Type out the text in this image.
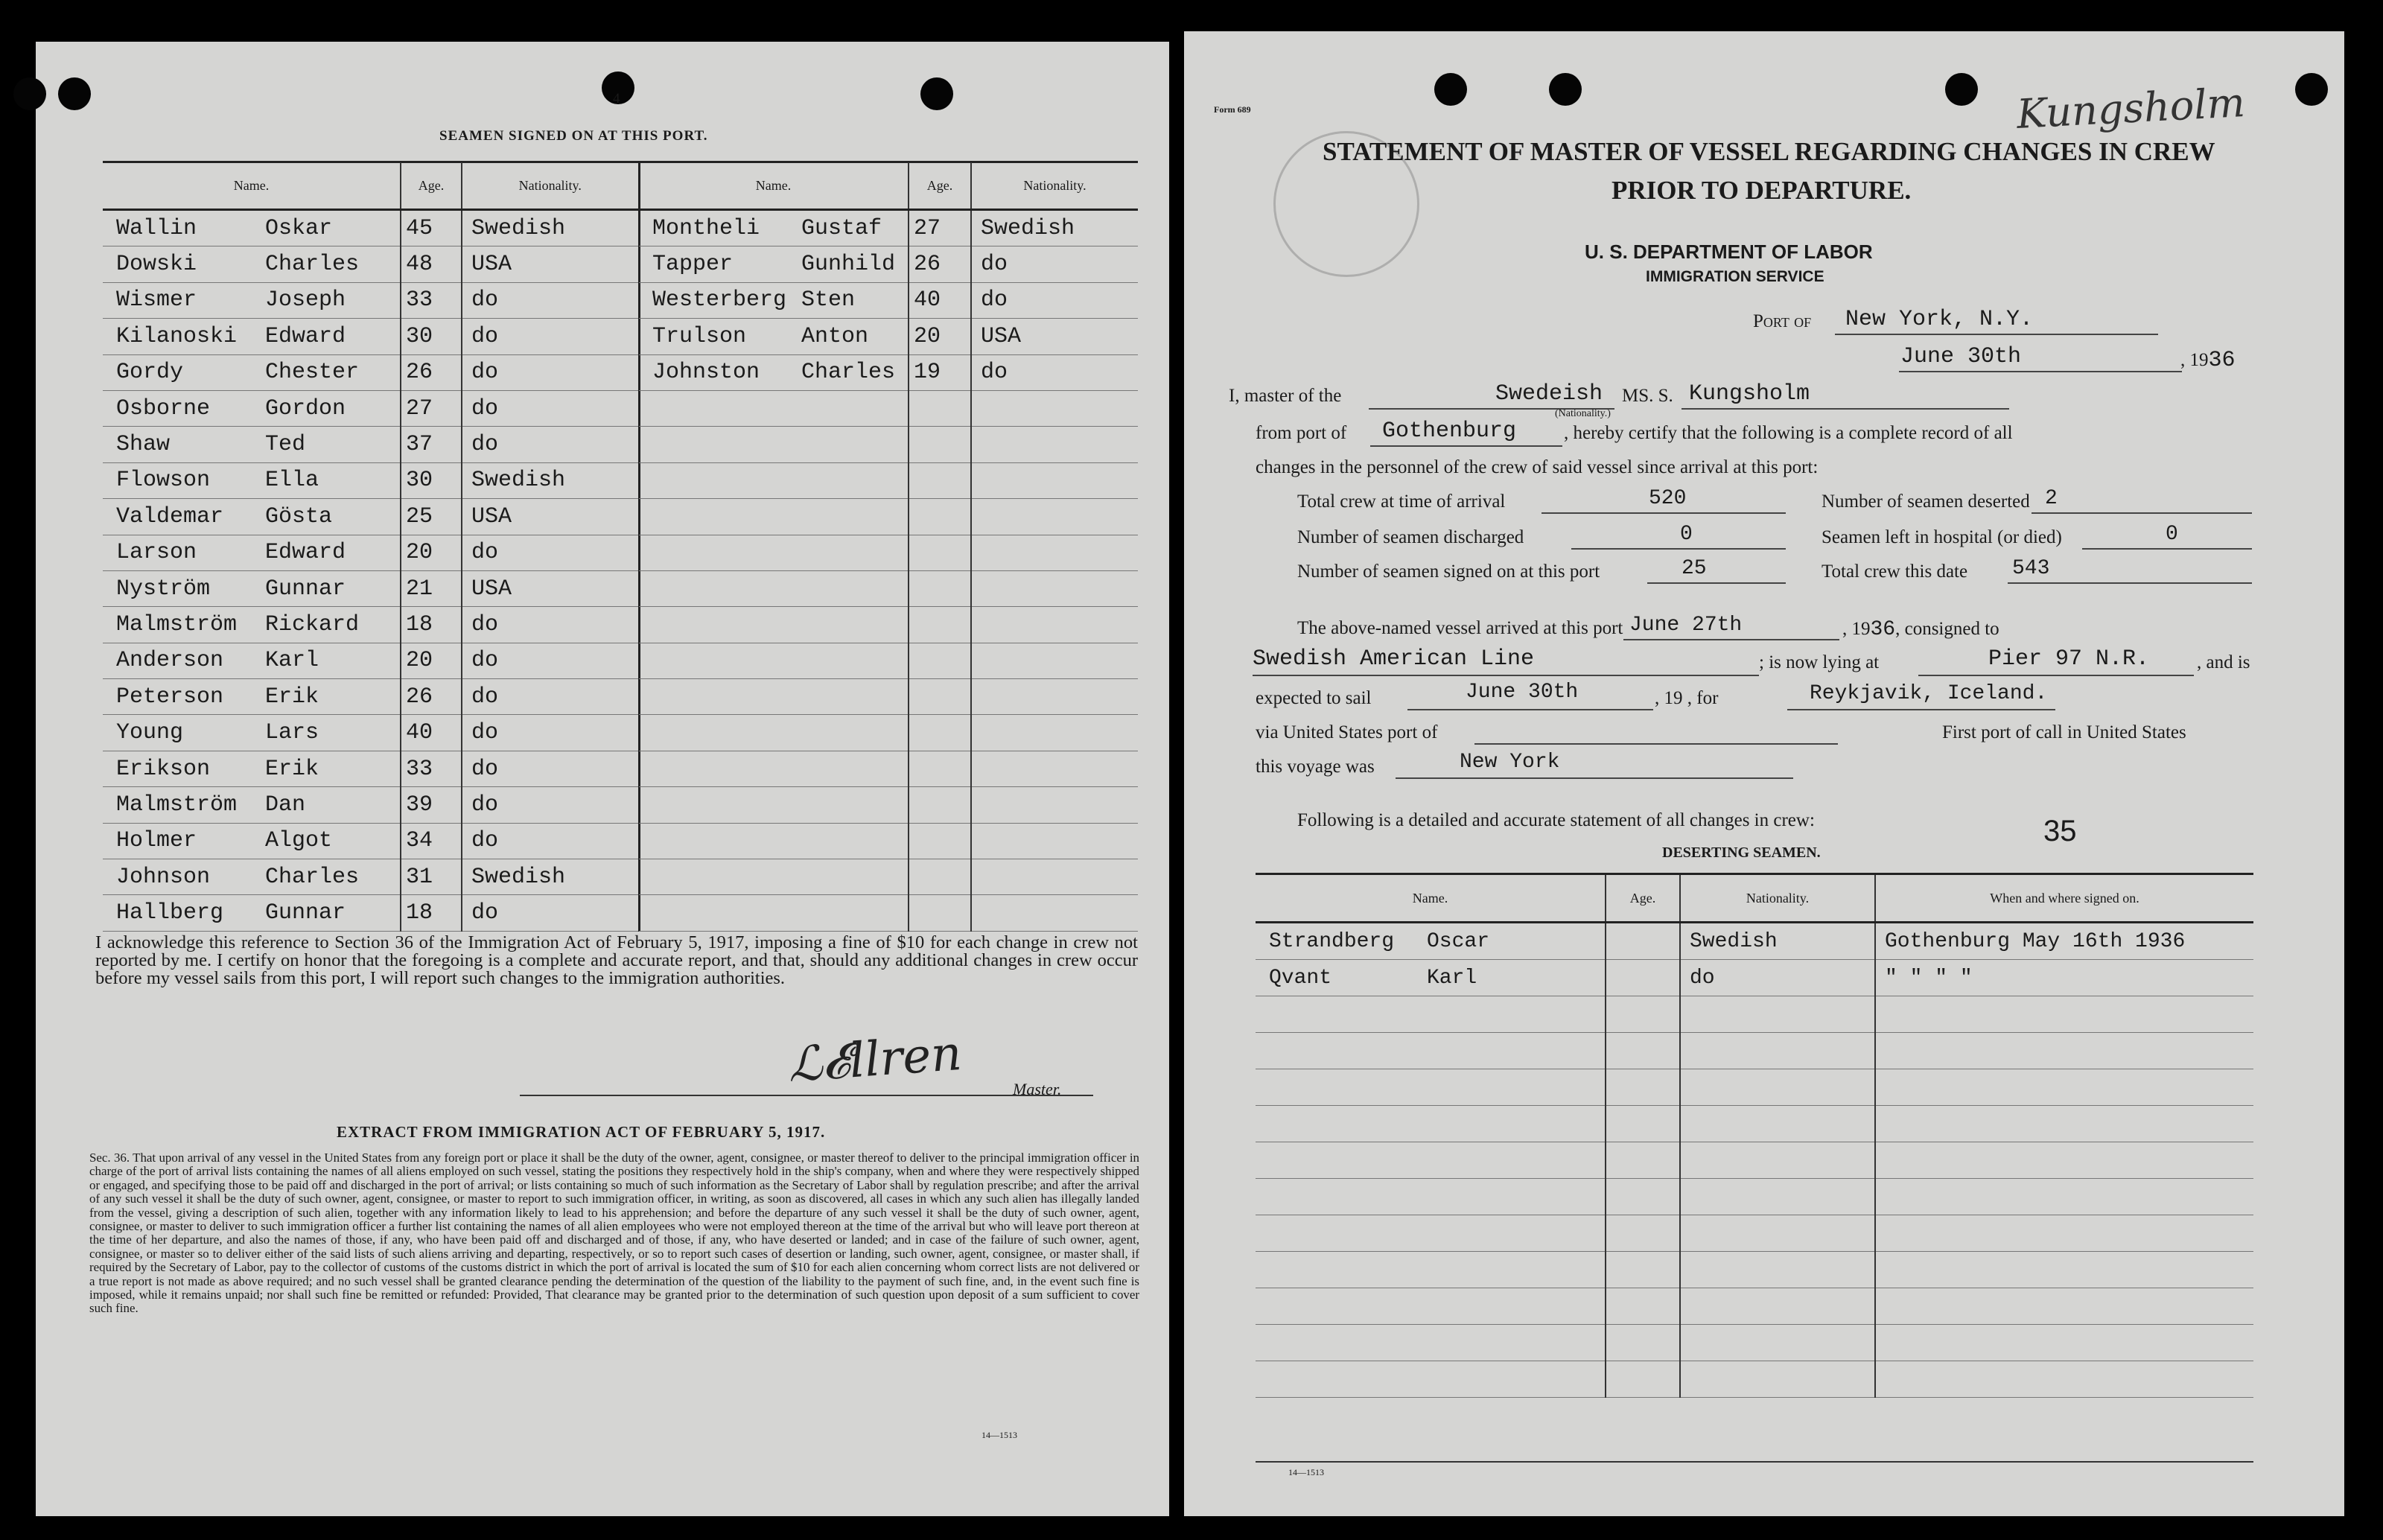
4
SEAMEN SIGNED ON AT THIS PORT.
Name.	Age.	Nationality.
Wallin Oskar	45	Swedish
Dowski Charles	48	USA
Wismer Joseph	33	do
Kilanoski Edward	30	do
Gordy Chester	26	do
Osborne Gordon	27	do
Shaw Ted	37	do
Flowson Ella	30	Swedish
Valdemar Gösta	25	USA
Larson Edward	20	do
Nyström Gunnar	21	USA
Malmström Rickard	18	do
Anderson Karl	20	do
Peterson Erik	26	do
Young Lars	40	do
Erikson Erik	33	do
Malmström Dan	39	do
Holmer Algot	34	do
Johnson Charles	31	Swedish
Hallberg Gunnar	18	do
Name.	Age.	Nationality.
Montheli Gustaf	27	Swedish
Tapper Gunhild	26	do
Westerberg Sten	40	do
Trulson Anton	20	USA
Johnston Charles	19	do

I acknowledge this reference to Section 36 of the Immigration Act of February 5, 1917, imposing a fine of $10 for each change in crew not reported by me. I certify on honor that the foregoing is a complete and accurate report, and that, should any additional changes in crew occur before my vessel sails from this port, I will report such changes to the immigration authorities.
ℒ𝓔llren	Master.
EXTRACT FROM IMMIGRATION ACT OF FEBRUARY 5, 1917.
Sec. 36. That upon arrival of any vessel in the United States from any foreign port or place it shall be the duty of the owner, agent, consignee, or master thereof to deliver to the principal immigration officer in charge of the port of arrival lists containing the names of all aliens employed on such vessel, stating the positions they respectively hold in the ship's company, when and where they were respectively shipped or engaged, and specifying those to be paid off and discharged in the port of arrival; or lists containing so much of such information as the Secretary of Labor shall by regulation prescribe; and after the arrival of any such vessel it shall be the duty of such owner, agent, consignee, or master to report to such immigration officer, in writing, as soon as discovered, all cases in which any such alien has illegally landed from the vessel, giving a description of such alien, together with any information likely to lead to his apprehension; and before the departure of any such vessel it shall be the duty of such owner, agent, consignee, or master to deliver to such immigration officer a further list containing the names of all alien employees who were not employed thereon at the time of the arrival but who will leave port thereon at the time of her departure, and also the names of those, if any, who have been paid off and discharged and of those, if any, who have deserted or landed; and in case of the failure of such owner, agent, consignee, or master so to deliver either of the said lists of such aliens arriving and departing, respectively, or so to report such cases of desertion or landing, such owner, agent, consignee, or master shall, if required by the Secretary of Labor, pay to the collector of customs of the customs district in which the port of arrival is located the sum of $10 for each alien concerning whom correct lists are not delivered or a true report is not made as above required; and no such vessel shall be granted clearance pending the determination of the question of the liability to the payment of such fine, and, in the event such fine is imposed, while it remains unpaid; nor shall such fine be remitted or refunded: Provided, That clearance may be granted prior to the determination of such question upon deposit of a sum sufficient to cover such fine.
14—1513
Form 689	Kungsholm
STATEMENT OF MASTER OF VESSEL REGARDING CHANGES IN CREW
PRIOR TO DEPARTURE.
U. S. DEPARTMENT OF LABOR
IMMIGRATION SERVICE
Port of New York, N.Y.
June 30th	, 1936
I, master of the	Swedeish
(Nationality.)
MS. S. Kungsholm
from port of Gothenburg	, hereby certify that the following is a complete record of all
changes in the personnel of the crew of said vessel since arrival at this port:
Total crew at time of arrival	520	Number of seamen deserted 2
Number of seamen discharged	0	Seamen left in hospital (or died)	0
Number of seamen signed on at this port	25	Total crew this date 543
The above-named vessel arrived at this port June 27th	, 1936, consigned to
Swedish American Line	; is now lying at	Pier 97 N.R.	, and is
expected to sail	June 30th	, 19 , for	Reykjavik, Iceland.
via United States port of	First port of call in United States
this voyage was	New York
Following is a detailed and accurate statement of all changes in crew:	35
DESERTING SEAMEN.
Name.	Age.	Nationality.	When and where signed on.
Strandberg Oscar		Swedish	Gothenburg May 16th 1936
Qvant Karl		do	" " " "

14—1513
